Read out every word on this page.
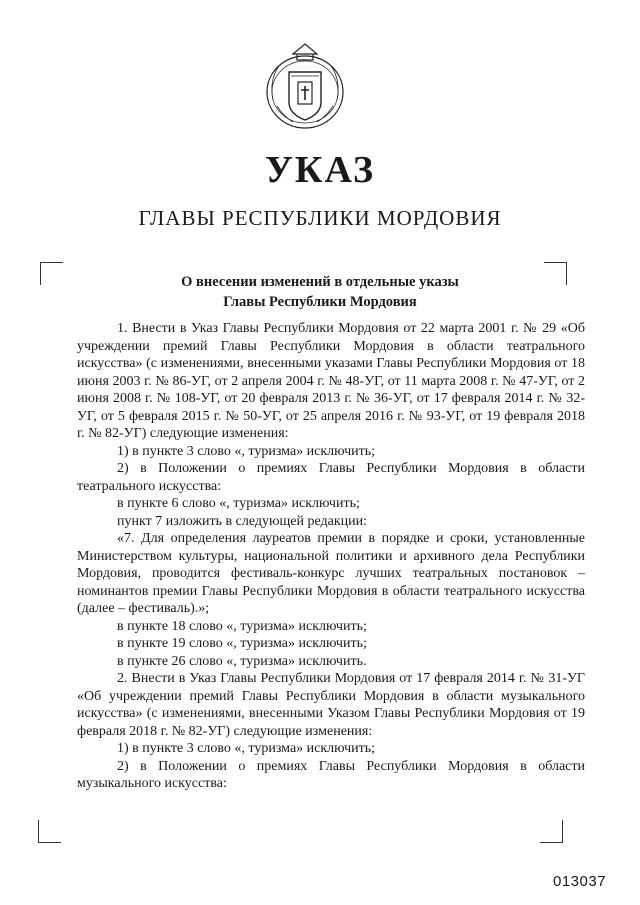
УКАЗ
ГЛАВЫ РЕСПУБЛИКИ МОРДОВИЯ
О внесении изменений в отдельные указы
Главы Республики Мордовия

1. Внести в Указ Главы Республики Мордовия от 22 марта 2001 г. № 29 «Об учреждении премий Главы Республики Мордовия в области театрального искусства» (с изменениями, внесенными указами Главы Республики Мордовия от 18 июня 2003 г. № 86-УГ, от 2 апреля 2004 г. № 48-УГ, от 11 марта 2008 г. № 47-УГ, от 2 июня 2008 г. № 108-УГ, от 20 февраля 2013 г. № 36-УГ, от 17 февраля 2014 г. № 32-УГ, от 5 февраля 2015 г. № 50-УГ, от 25 апреля 2016 г. № 93-УГ, от 19 февраля 2018 г. № 82-УГ) следующие изменения:

1) в пункте 3 слово «, туризма» исключить;

2) в Положении о премиях Главы Республики Мордовия в области театрального искусства:

в пункте 6 слово «, туризма» исключить;

пункт 7 изложить в следующей редакции:

«7. Для определения лауреатов премии в порядке и сроки, установленные Министерством культуры, национальной политики и архивного дела Республики Мордовия, проводится фестиваль-конкурс лучших театральных постановок – номинантов премии Главы Республики Мордовия в области театрального искусства (далее – фестиваль).»;

в пункте 18 слово «, туризма» исключить;

в пункте 19 слово «, туризма» исключить;

в пункте 26 слово «, туризма» исключить.

2. Внести в Указ Главы Республики Мордовия от 17 февраля 2014 г. № 31-УГ «Об учреждении премий Главы Республики Мордовия в области музыкального искусства» (с изменениями, внесенными Указом Главы Республики Мордовия от 19 февраля 2018 г. № 82-УГ) следующие изменения:

1) в пункте 3 слово «, туризма» исключить;

2) в Положении о премиях Главы Республики Мордовия в области музыкального искусства:

013037
